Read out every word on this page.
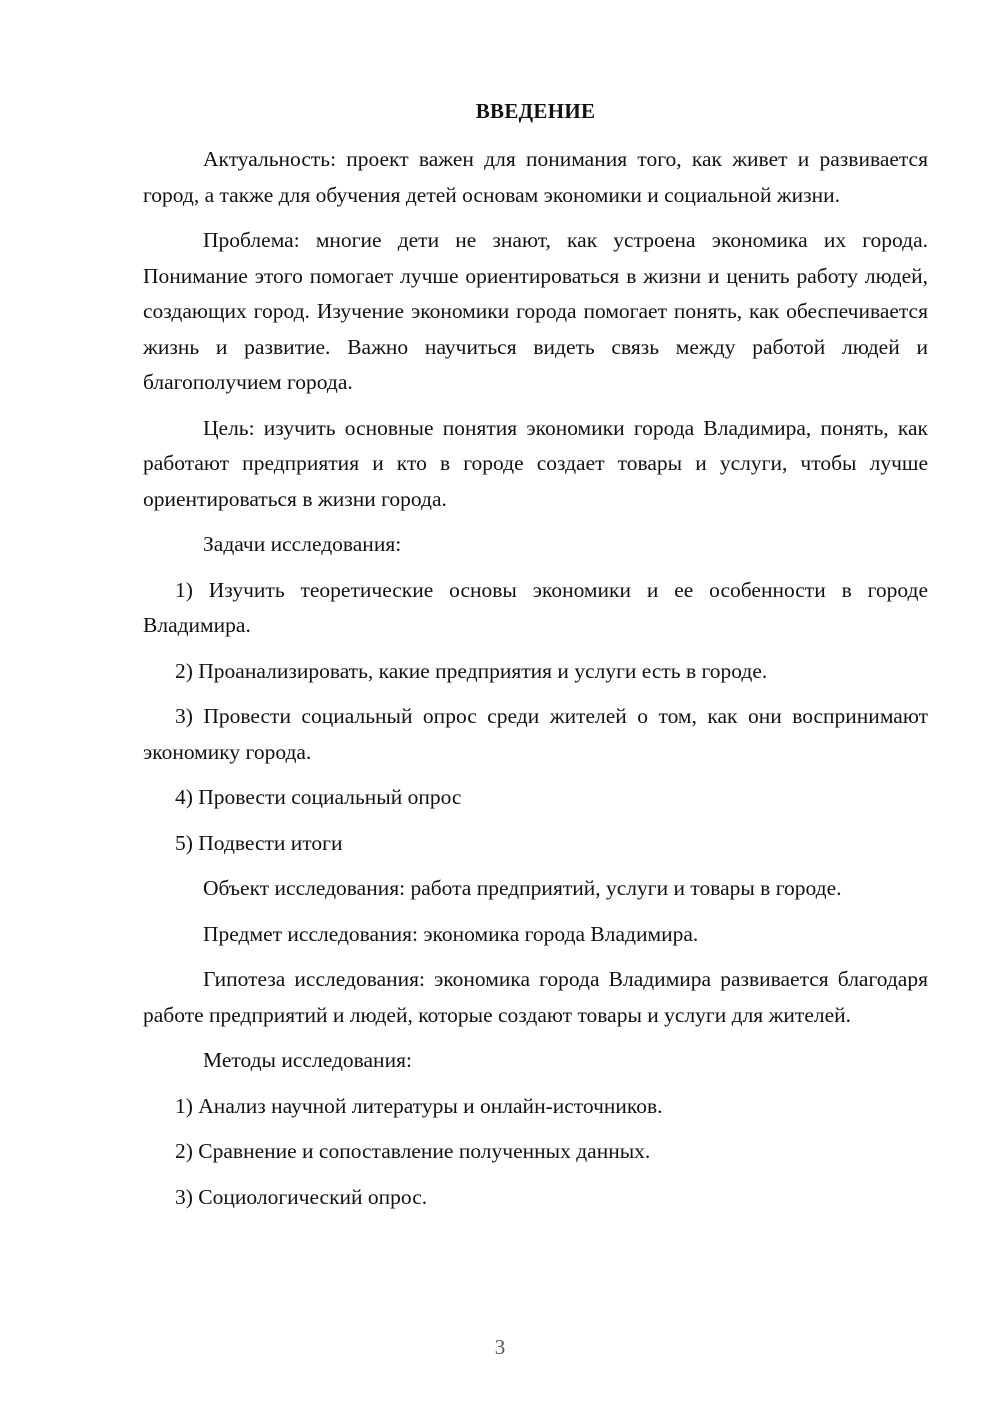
ВВЕДЕНИЕ

Актуальность: проект важен для понимания того, как живет и развивается город, а также для обучения детей основам экономики и социальной жизни.

Проблема: многие дети не знают, как устроена экономика их города. Понимание этого помогает лучше ориентироваться в жизни и ценить работу людей, создающих город. Изучение экономики города помогает понять, как обеспечивается жизнь и развитие. Важно научиться видеть связь между работой людей и благополучием города.

Цель: изучить основные понятия экономики города Владимира, понять, как работают предприятия и кто в городе создает товары и услуги, чтобы лучше ориентироваться в жизни города.

Задачи исследования:

1) Изучить теоретические основы экономики и ее особенности в городе Владимира.

2) Проанализировать, какие предприятия и услуги есть в городе.

3) Провести социальный опрос среди жителей о том, как они воспринимают экономику города.

4) Провести социальный опрос

5) Подвести итоги

Объект исследования: работа предприятий, услуги и товары в городе.

Предмет исследования: экономика города Владимира.

Гипотеза исследования: экономика города Владимира развивается благодаря работе предприятий и людей, которые создают товары и услуги для жителей.

Методы исследования:

1) Анализ научной литературы и онлайн-источников.

2) Сравнение и сопоставление полученных данных.

3) Социологический опрос.

3
